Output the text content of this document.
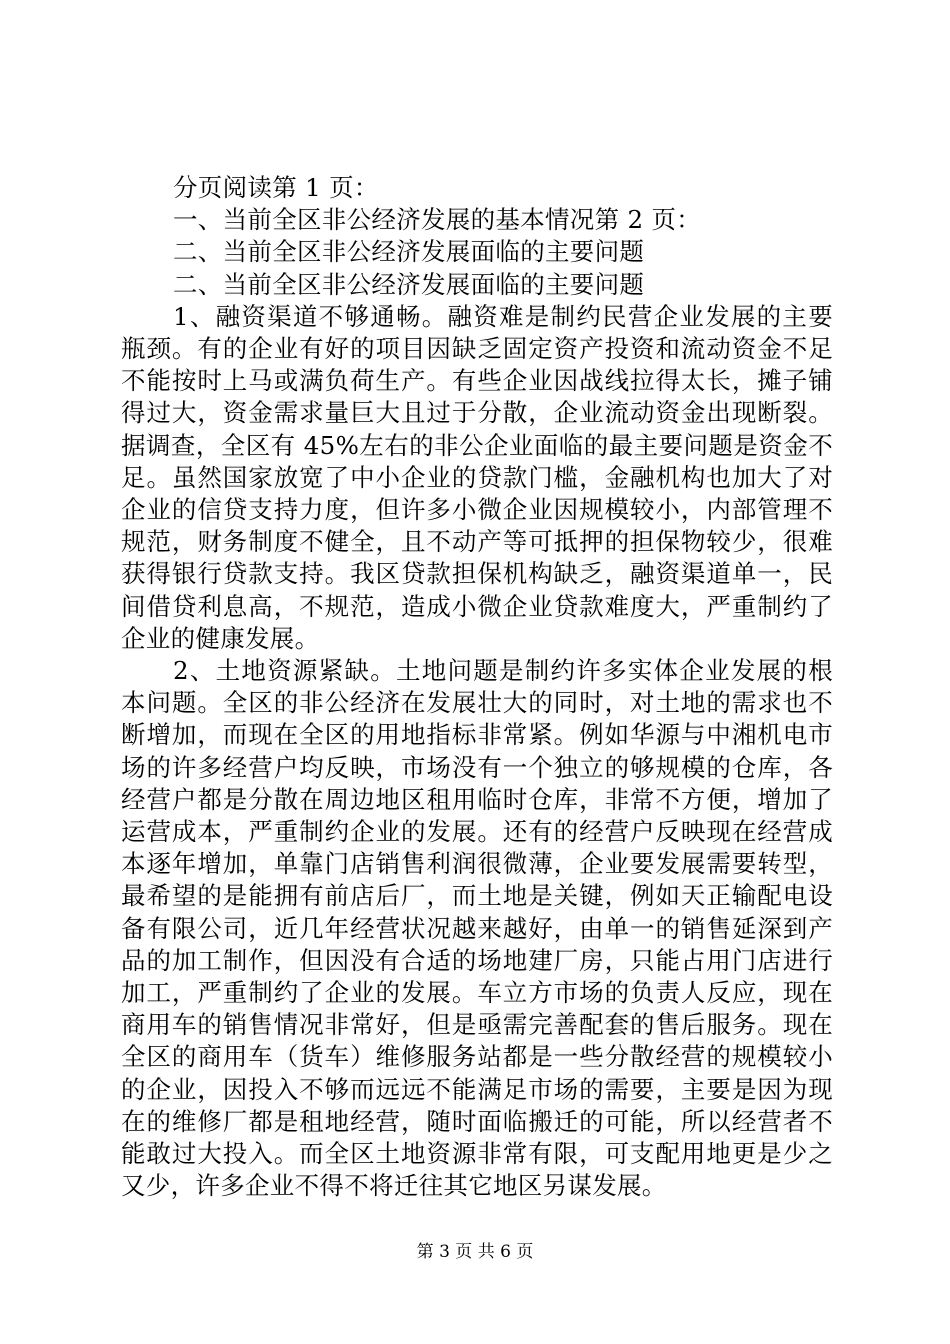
分页阅读第 1 页：
一、当前全区非公经济发展的基本情况第 2 页：
二、当前全区非公经济发展面临的主要问题
二、当前全区非公经济发展面临的主要问题

1、融资渠道不够通畅。融资难是制约民营企业发展的主要瓶颈。有的企业有好的项目因缺乏固定资产投资和流动资金不足不能按时上马或满负荷生产。有些企业因战线拉得太长，摊子铺得过大，资金需求量巨大且过于分散，企业流动资金出现断裂。据调查，全区有 45%左右的非公企业面临的最主要问题是资金不足。虽然国家放宽了中小企业的贷款门槛，金融机构也加大了对企业的信贷支持力度，但许多小微企业因规模较小，内部管理不规范，财务制度不健全，且不动产等可抵押的担保物较少，很难获得银行贷款支持。我区贷款担保机构缺乏，融资渠道单一，民间借贷利息高，不规范，造成小微企业贷款难度大，严重制约了企业的健康发展。

2、土地资源紧缺。土地问题是制约许多实体企业发展的根本问题。全区的非公经济在发展壮大的同时，对土地的需求也不断增加，而现在全区的用地指标非常紧。例如华源与中湘机电市场的许多经营户均反映，市场没有一个独立的够规模的仓库，各经营户都是分散在周边地区租用临时仓库，非常不方便，增加了运营成本，严重制约企业的发展。还有的经营户反映现在经营成本逐年增加，单靠门店销售利润很微薄，企业要发展需要转型，最希望的是能拥有前店后厂，而土地是关键，例如天正输配电设备有限公司，近几年经营状况越来越好，由单一的销售延深到产品的加工制作，但因没有合适的场地建厂房，只能占用门店进行加工，严重制约了企业的发展。车立方市场的负责人反应，现在商用车的销售情况非常好，但是亟需完善配套的售后服务。现在全区的商用车（货车）维修服务站都是一些分散经营的规模较小的企业，因投入不够而远远不能满足市场的需要，主要是因为现在的维修厂都是租地经营，随时面临搬迁的可能，所以经营者不能敢过大投入。而全区土地资源非常有限，可支配用地更是少之又少，许多企业不得不将迁往其它地区另谋发展。

第 3 页 共 6 页
